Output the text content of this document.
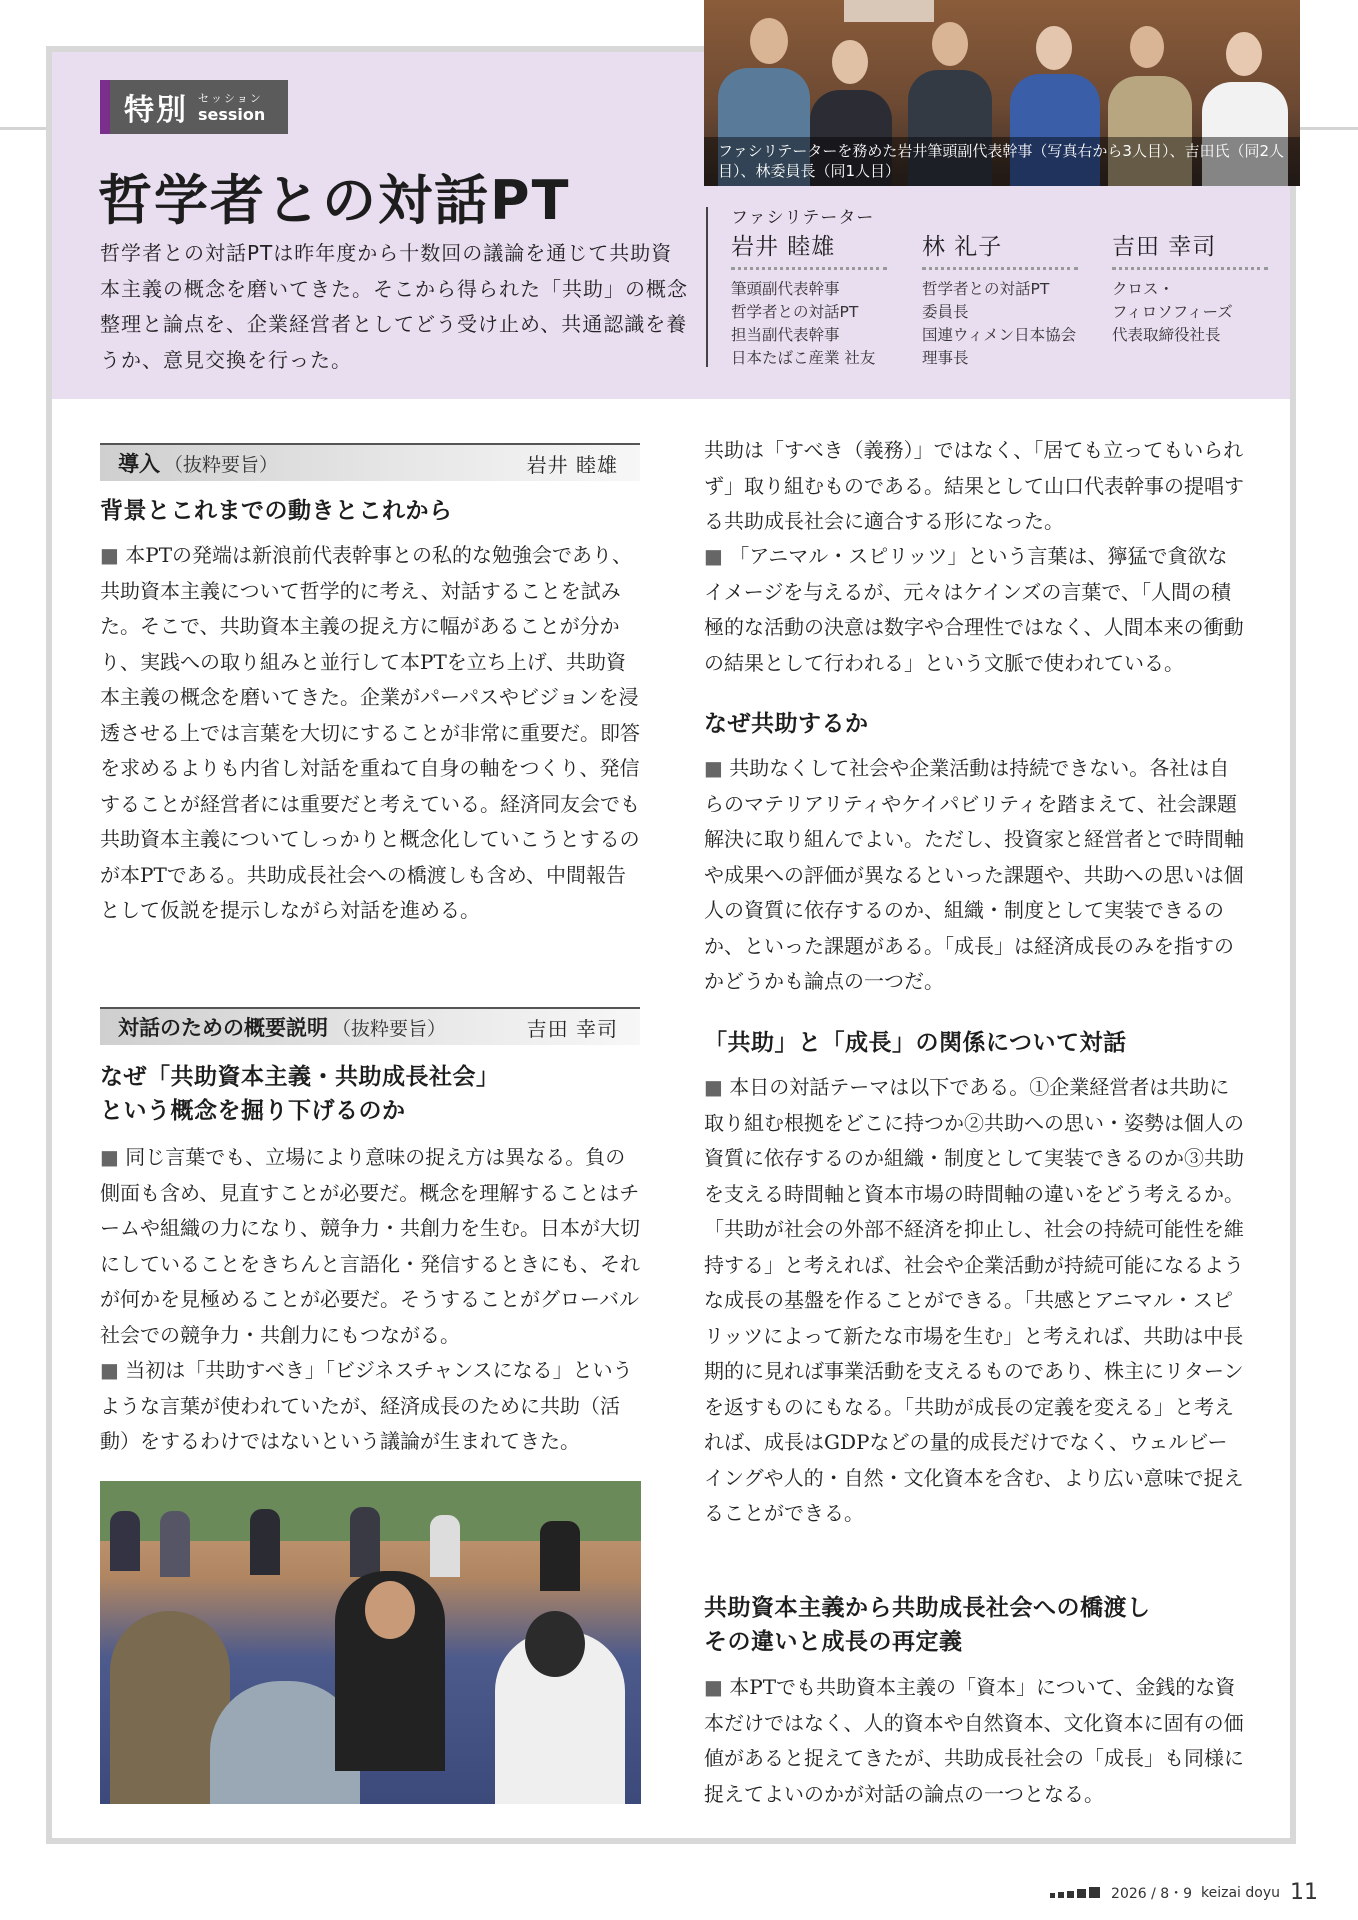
特別 セッション
session
哲学者との対話PT

哲学者との対話PTは昨年度から十数回の議論を通じて共助資本主義の概念を磨いてきた。そこから得られた「共助」の概念整理と論点を、企業経営者としてどう受け止め、共通認識を養うか、意見交換を行った。

ファシリテーターを務めた岩井筆頭副代表幹事（写真右から3人目）、吉田氏（同2人目）、林委員長（同1人目）
ファシリテーター
岩井 睦雄
筆頭副代表幹事
哲学者との対話PT
担当副代表幹事
日本たばこ産業 社友
林 礼子
哲学者との対話PT
委員長
国連ウィメン日本協会
理事長
吉田 幸司
クロス・
フィロソフィーズ
代表取締役社長
導入 （抜粋要旨）	岩井 睦雄
背景とこれまでの動きとこれから

■ 本PTの発端は新浪前代表幹事との私的な勉強会であり、共助資本主義について哲学的に考え、対話することを試みた。そこで、共助資本主義の捉え方に幅があることが分かり、実践への取り組みと並行して本PTを立ち上げ、共助資本主義の概念を磨いてきた。企業がパーパスやビジョンを浸透させる上では言葉を大切にすることが非常に重要だ。即答を求めるよりも内省し対話を重ねて自身の軸をつくり、発信することが経営者には重要だと考えている。経済同友会でも共助資本主義についてしっかりと概念化していこうとするのが本PTである。共助成長社会への橋渡しも含め、中間報告として仮説を提示しながら対話を進める。

対話のための概要説明 （抜粋要旨）	吉田 幸司
なぜ「共助資本主義・共助成長社会」
という概念を掘り下げるのか

■ 同じ言葉でも、立場により意味の捉え方は異なる。負の側面も含め、見直すことが必要だ。概念を理解することはチームや組織の力になり、競争力・共創力を生む。日本が大切にしていることをきちんと言語化・発信するときにも、それが何かを見極めることが必要だ。そうすることがグローバル社会での競争力・共創力にもつながる。

■ 当初は「共助すべき」「ビジネスチャンスになる」というような言葉が使われていたが、経済成長のために共助（活動）をするわけではないという議論が生まれてきた。

共助は「すべき（義務）」ではなく、「居ても立ってもいられず」取り組むものである。結果として山口代表幹事の提唱する共助成長社会に適合する形になった。

■ 「アニマル・スピリッツ」という言葉は、獰猛で貪欲なイメージを与えるが、元々はケインズの言葉で、「人間の積極的な活動の決意は数字や合理性ではなく、人間本来の衝動の結果として行われる」という文脈で使われている。

なぜ共助するか

■ 共助なくして社会や企業活動は持続できない。各社は自らのマテリアリティやケイパビリティを踏まえて、社会課題解決に取り組んでよい。ただし、投資家と経営者とで時間軸や成果への評価が異なるといった課題や、共助への思いは個人の資質に依存するのか、組織・制度として実装できるのか、といった課題がある。「成長」は経済成長のみを指すのかどうかも論点の一つだ。

「共助」と「成長」の関係について対話

■ 本日の対話テーマは以下である。①企業経営者は共助に取り組む根拠をどこに持つか②共助への思い・姿勢は個人の資質に依存するのか組織・制度として実装できるのか③共助を支える時間軸と資本市場の時間軸の違いをどう考えるか。「共助が社会の外部不経済を抑止し、社会の持続可能性を維持する」と考えれば、社会や企業活動が持続可能になるような成長の基盤を作ることができる。「共感とアニマル・スピリッツによって新たな市場を生む」と考えれば、共助は中長期的に見れば事業活動を支えるものであり、株主にリターンを返すものにもなる。「共助が成長の定義を変える」と考えれば、成長はGDPなどの量的成長だけでなく、ウェルビーイングや人的・自然・文化資本を含む、より広い意味で捉えることができる。

共助資本主義から共助成長社会への橋渡し
その違いと成長の再定義

■ 本PTでも共助資本主義の「資本」について、金銭的な資本だけではなく、人的資本や自然資本、文化資本に固有の価値があると捉えてきたが、共助成長社会の「成長」も同様に捉えてよいのかが対話の論点の一つとなる。

2026 / 8・9
keizai doyu 11
